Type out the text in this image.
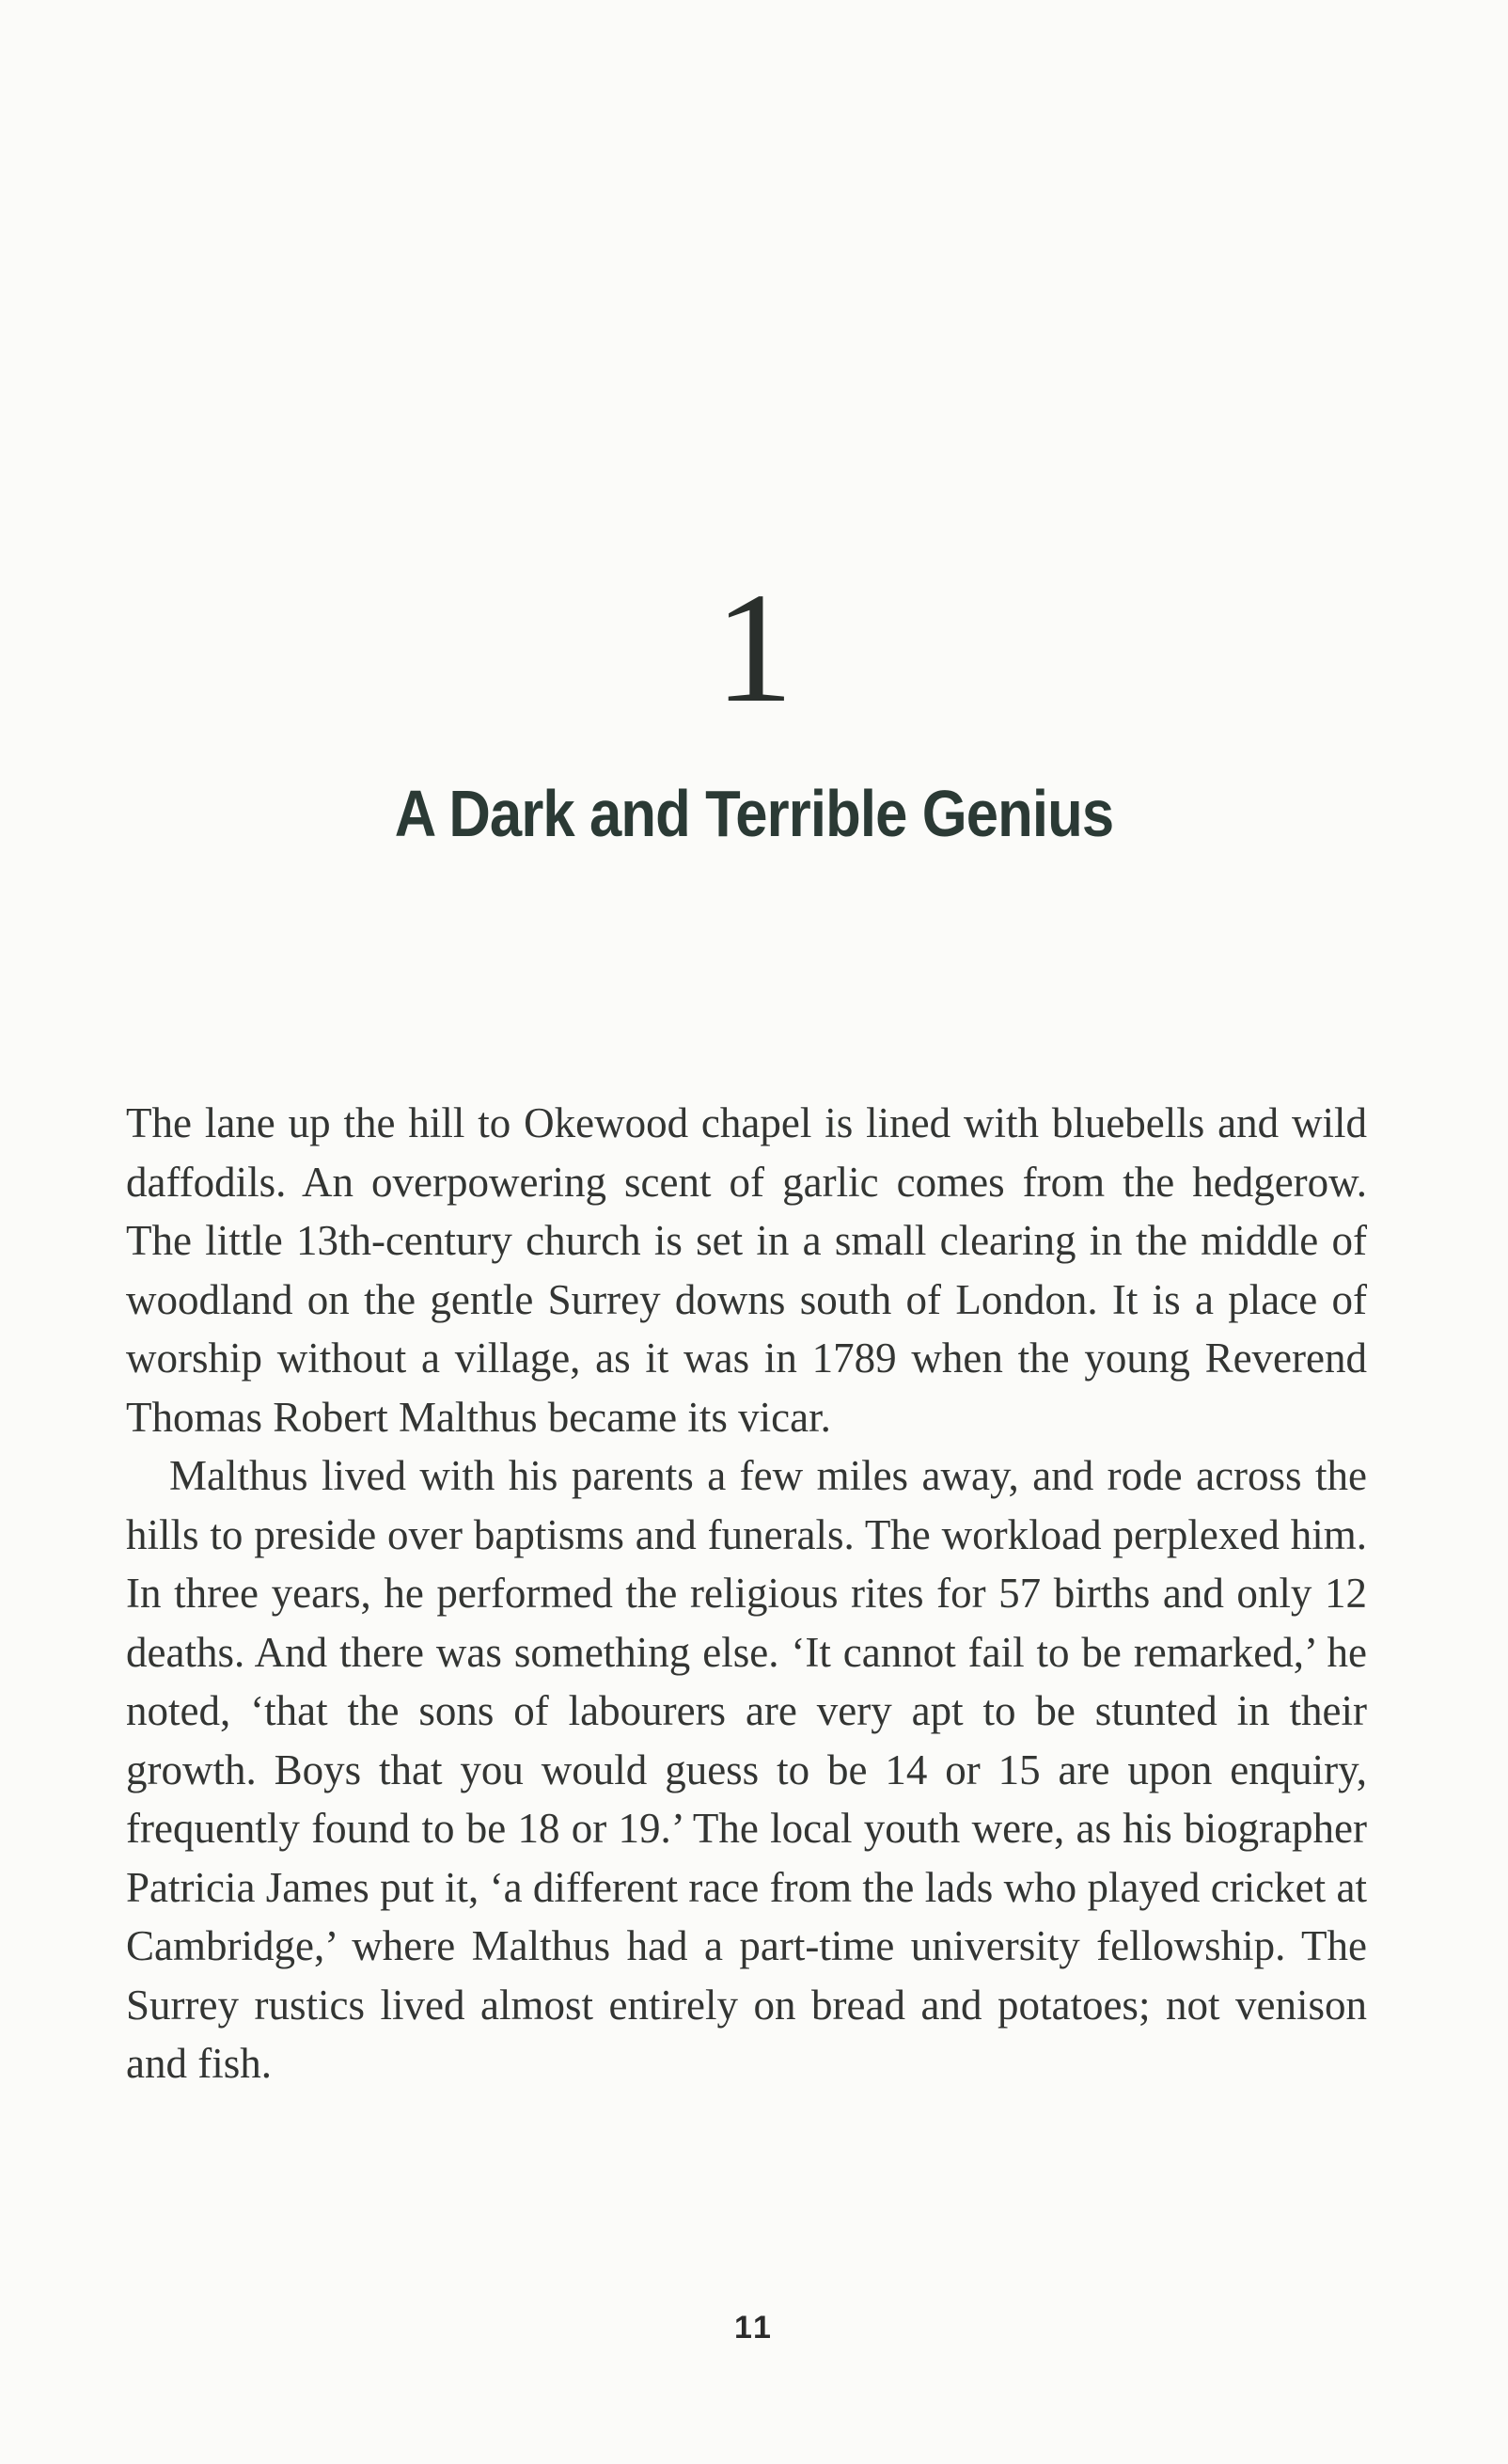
1
A Dark and Terrible Genius

The lane up the hill to Okewood chapel is lined with bluebells and wild daffodils. An overpowering scent of garlic comes from the hedgerow. The little 13th-century church is set in a small clearing in the middle of woodland on the gentle Surrey downs south of London. It is a place of worship without a village, as it was in 1789 when the young Reverend Thomas Robert Malthus became its vicar.

Malthus lived with his parents a few miles away, and rode across the hills to preside over baptisms and funerals. The workload perplexed him. In three years, he performed the religious rites for 57 births and only 12 deaths. And there was something else. ‘It cannot fail to be remarked,’ he noted, ‘that the sons of labourers are very apt to be stunted in their growth. Boys that you would guess to be 14 or 15 are upon enquiry, frequently found to be 18 or 19.’ The local youth were, as his biographer Patricia James put it, ‘a different race from the lads who played cricket at Cambridge,’ where Malthus had a part-time university fellowship. The Surrey rustics lived almost entirely on bread and potatoes; not venison and fish.

11
